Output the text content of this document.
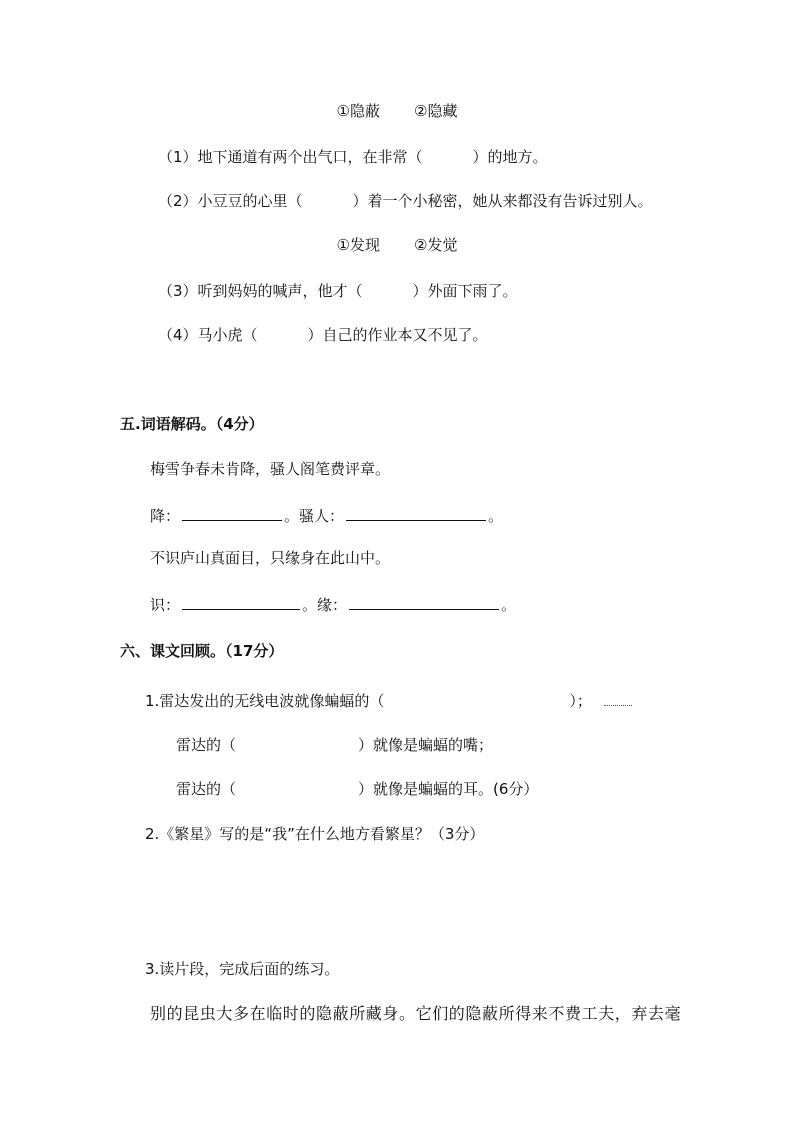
①隐蔽 ②隐藏
（1）地下通道有两个出气口，在非常（	）的地方。
（2）小豆豆的心里（	）着一个小秘密，她从来都没有告诉过别人。
①发现 ②发觉
（3）听到妈妈的喊声，他才（	）外面下雨了。
（4）马小虎（	）自己的作业本又不见了。
五.词语解码。（4分）
梅雪争春未肯降，骚人阁笔费评章。
降：	。骚人：	。
不识庐山真面目，只缘身在此山中。
识：	。缘：	。
六、课文回顾。（17分）
1.雷达发出的无线电波就像蝙蝠的（	）；
雷达的（	）就像是蝙蝠的嘴；
雷达的（	）就像是蝙蝠的耳。(6分）
2.《繁星》写的是“我”在什么地方看繁星？（3分）
3.读片段，完成后面的练习。
别的昆虫大多在临时的隐蔽所藏身。它们的隐蔽所得来不费工夫，弃去毫
